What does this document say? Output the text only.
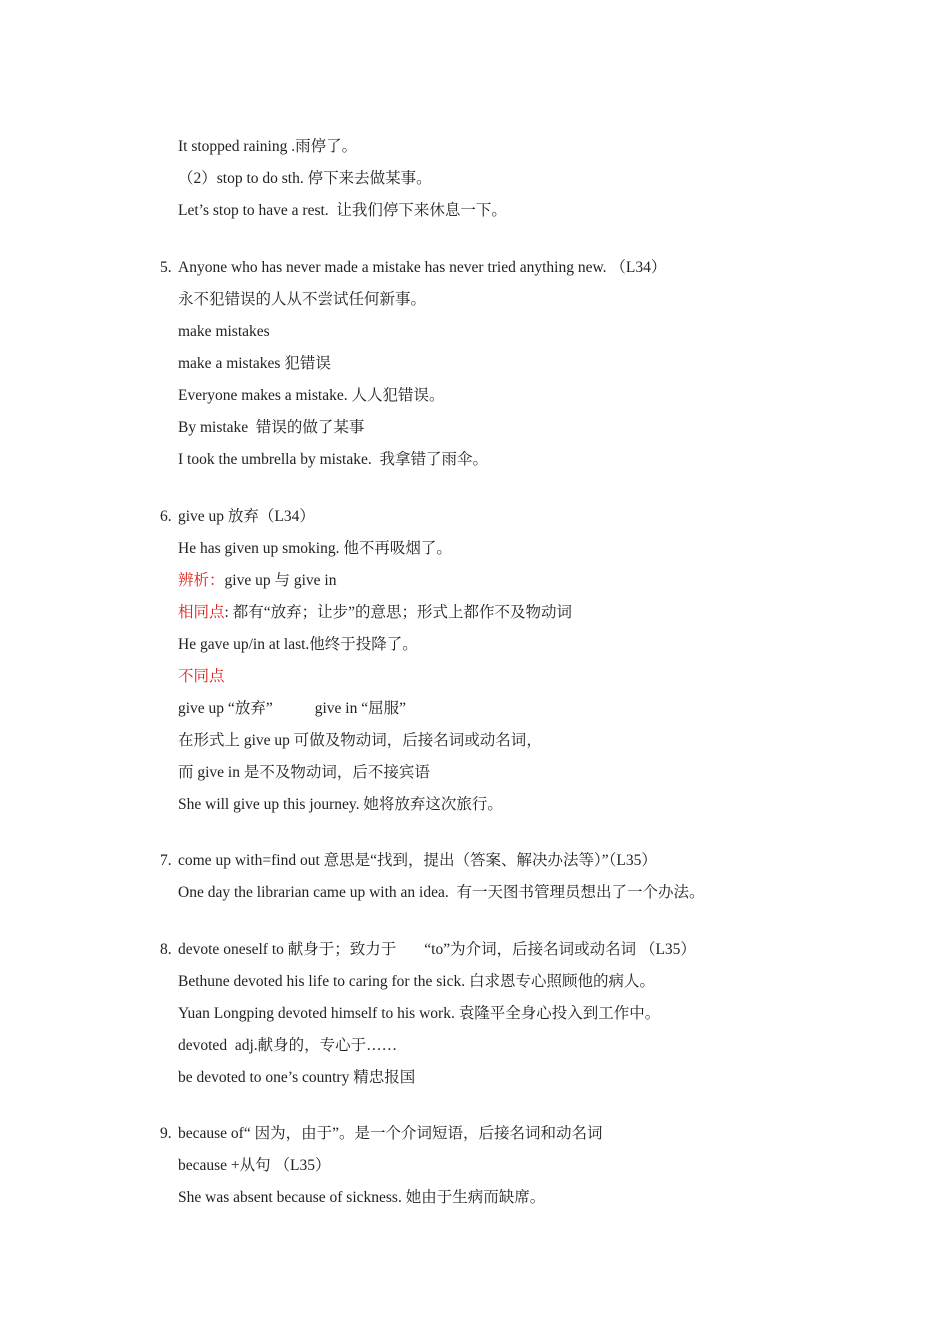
It stopped raining .雨停了。
（2）stop to do sth. 停下来去做某事。
Let’s stop to have a rest.  让我们停下来休息一下。
5. Anyone who has never made a mistake has never tried anything new. （L34）
永不犯错误的人从不尝试任何新事。
make mistakes
make a mistakes 犯错误
Everyone makes a mistake. 人人犯错误。
By mistake  错误的做了某事
I took the umbrella by mistake.  我拿错了雨伞。
6. give up 放弃（L34）
He has given up smoking. 他不再吸烟了。
辨析：give up 与 give in
相同点: 都有“放弃；让步”的意思；形式上都作不及物动词
He gave up/in at last.他终于投降了。
不同点
give up “放弃”	give in “屈服”
在形式上 give up 可做及物动词，后接名词或动名词，
而 give in 是不及物动词，后不接宾语
She will give up this journey. 她将放弃这次旅行。
7. come up with=find out 意思是“找到，提出（答案、解决办法等）”（L35）
One day the librarian came up with an idea.  有一天图书管理员想出了一个办法。
8. devote oneself to 献身于；致力于 “to”为介词，后接名词或动名词 （L35）
Bethune devoted his life to caring for the sick. 白求恩专心照顾他的病人。
Yuan Longping devoted himself to his work. 袁隆平全身心投入到工作中。
devoted  adj.献身的，专心于……
be devoted to one’s country 精忠报国
9. because of“ 因为，由于”。是一个介词短语，后接名词和动名词
because +从句 （L35）
She was absent because of sickness. 她由于生病而缺席。
